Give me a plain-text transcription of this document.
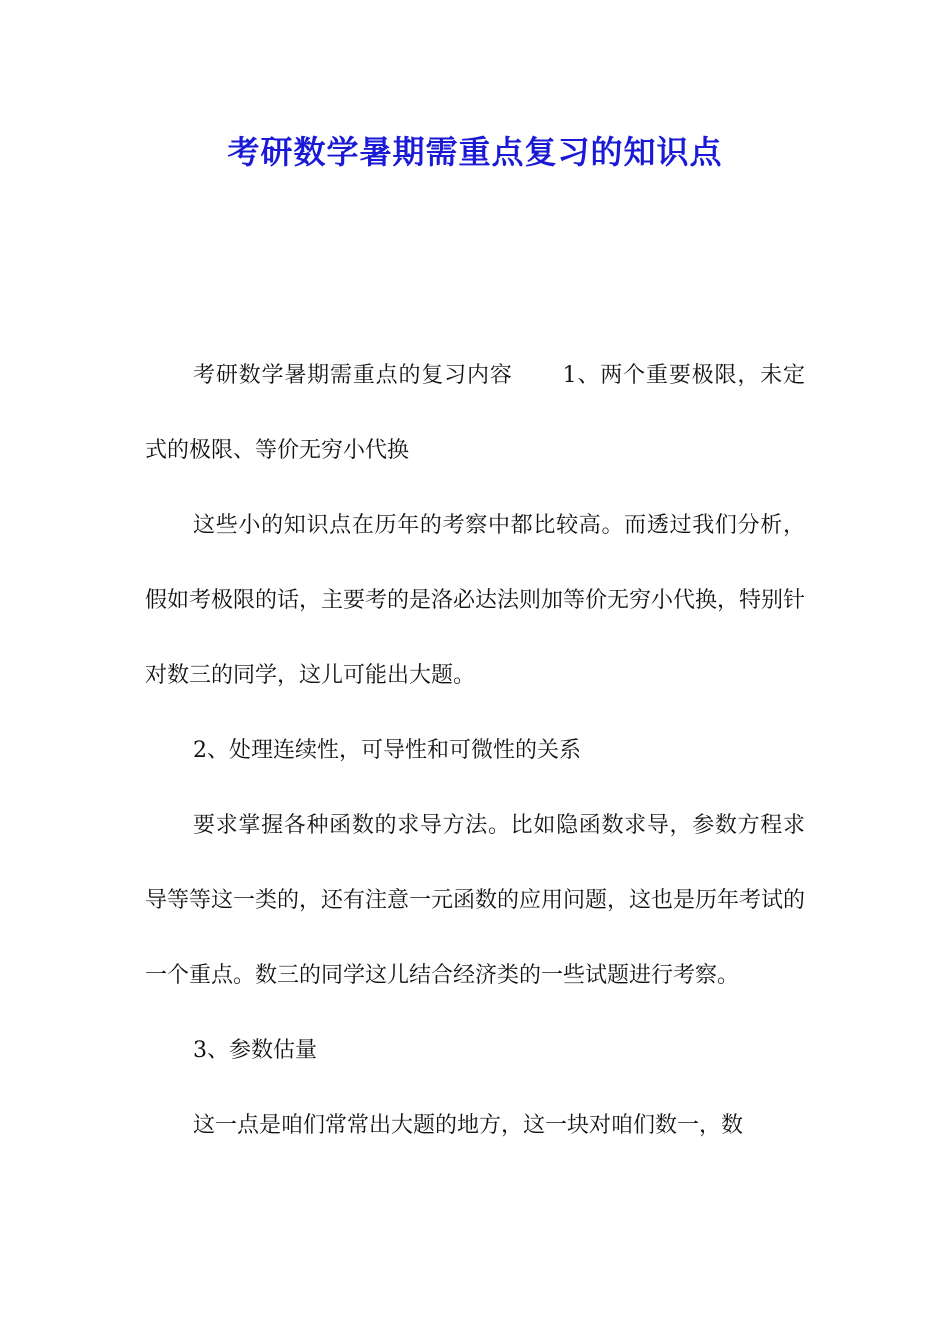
考研数学暑期需重点复习的知识点

考研数学暑期需重点的复习内容 1、两个重要极限，未定式的极限、等价无穷小代换

这些小的知识点在历年的考察中都比较高。而透过我们分析，假如考极限的话，主要考的是洛必达法则加等价无穷小代换，特别针对数三的同学，这儿可能出大题。

2、处理连续性，可导性和可微性的关系

要求掌握各种函数的求导方法。比如隐函数求导，参数方程求导等等这一类的，还有注意一元函数的应用问题，这也是历年考试的一个重点。数三的同学这儿结合经济类的一些试题进行考察。

3、参数估量

这一点是咱们常常出大题的地方，这一块对咱们数一，数
